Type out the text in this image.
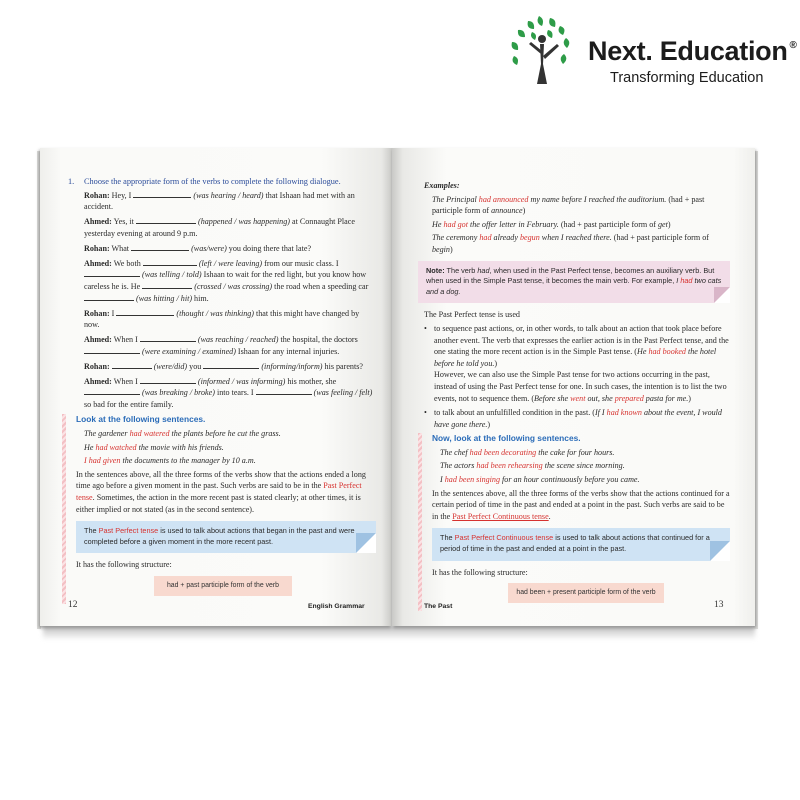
Next. Education ®
Transforming Education
1. Choose the appropriate form of the verbs to complete the following dialogue.
Rohan: Hey, I	(was hearing / heard) that Ishaan had met with an accident.
Ahmed: Yes, it	(happened / was happening) at Connaught Place yesterday evening at around 9 p.m.
Rohan: What	(was/were) you doing there that late?
Ahmed: We both	(left / were leaving) from our music class. I  (was telling / told) Ishaan to wait for the red light, but you know how careless he is. He	(crossed / was crossing) the road when a speeding car  (was hitting / hit) him.
Rohan: I	(thought / was thinking) that this might have changed by now.
Ahmed: When I	(was reaching / reached) the hospital, the doctors  (were examining / examined) Ishaan for any internal injuries.
Rohan:	(were/did) you	(informing/inform) his parents?
Ahmed: When I	(informed / was informing) his mother, she  (was breaking / broke) into tears. I	(was feeling / felt) so bad for the entire family.
Look at the following sentences.
The gardener had watered the plants before he cut the grass.
He had watched the movie with his friends.
I had given the documents to the manager by 10 a.m.
In the sentences above, all the three forms of the verbs show that the actions ended a long time ago before a given moment in the past. Such verbs are said to be in the Past Perfect tense. Sometimes, the action in the more recent past is stated clearly; at other times, it is either implied or not stated (as in the second sentence).
The Past Perfect tense is used to talk about actions that began in the past and were completed before a given moment in the more recent past.
It has the following structure:
had + past participle form of the verb
12	English Grammar
Examples:
The Principal had announced my name before I reached the auditorium. (had + past participle form of announce)
He had got the offer letter in February. (had + past participle form of get)
The ceremony had already begun when I reached there. (had + past participle form of begin)
Note: The verb had, when used in the Past Perfect tense, becomes an auxiliary verb. But when used in the Simple Past tense, it becomes the main verb. For example, I had two cats and a dog.
The Past Perfect tense is used
• to sequence past actions, or, in other words, to talk about an action that took place before another event. The verb that expresses the earlier action is in the Past Perfect tense, and the one stating the more recent action is in the Simple Past tense. (He had booked the hotel before he told you.)
However, we can also use the Simple Past tense for two actions occurring in the past, instead of using the Past Perfect tense for one. In such cases, the intention is to list the two events, not to sequence them. (Before she went out, she prepared pasta for me.)
• to talk about an unfulfilled condition in the past. (If I had known about the event, I would have gone there.)
Now, look at the following sentences.
The chef had been decorating the cake for four hours.
The actors had been rehearsing the scene since morning.
I had been singing for an hour continuously before you came.
In the sentences above, all the three forms of the verbs show that the actions continued for a certain period of time in the past and ended at a point in the past. Such verbs are said to be in the Past Perfect Continuous tense.
The Past Perfect Continuous tense is used to talk about actions that continued for a period of time in the past and ended at a point in the past.
It has the following structure:
had been + present participle form of the verb
The Past	13
